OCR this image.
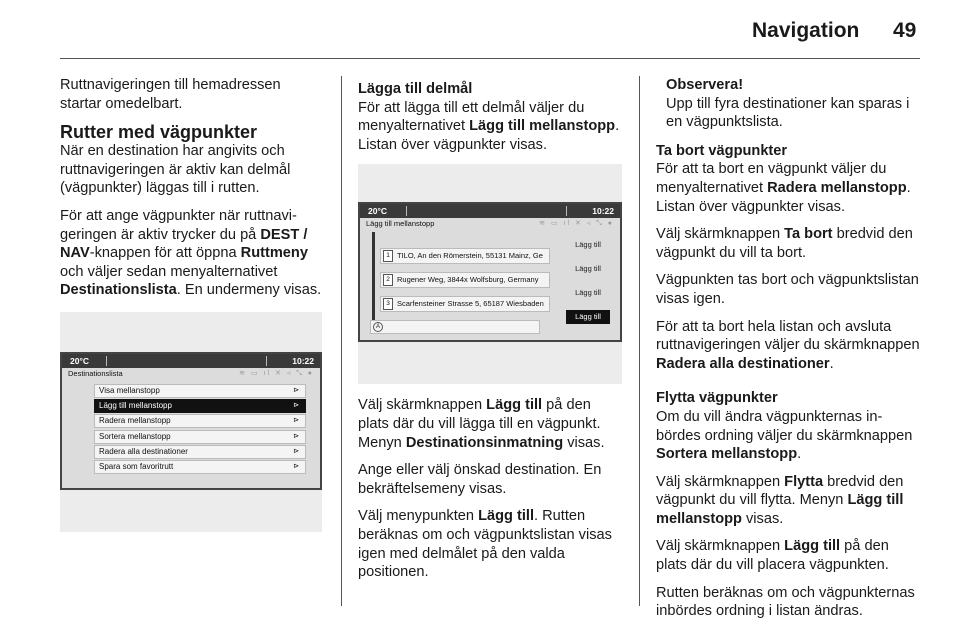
Navigation 49

Ruttnavigeringen till hemadressen startar omedelbart.

Rutter med vägpunkter

När en destination har angivits och ruttnavigeringen är aktiv kan delmål (vägpunkter) läggas till i rutten.

För att ange vägpunkter när ruttnavigeringen är aktiv trycker du på DEST / NAV-knappen för att öppna Ruttmeny och väljer sedan menyalternativet Destinationslista. En undermeny visas.

20°C	10:22
Destinationslista	≋ ▭ ıl ✕ ◃ ⤡ ●
Visa mellanstopp	⊳
Lägg till mellanstopp	⊳
Radera mellanstopp	⊳
Sortera mellanstopp	⊳
Radera alla destinationer	⊳
Spara som favoritrutt	⊳
Lägga till delmål

För att lägga till ett delmål väljer du menyalternativet Lägg till mellanstopp. Listan över vägpunkter visas.

20°C	10:22
Lägg till mellanstopp	≋ ▭ ıl ✕ ◃ ⤡ ●
Lägg till
1 TILO, An den Römerstein, 55131 Mainz, Ge
Lägg till
2 Rugener Weg, 3844x Wolfsburg, Germany
Lägg till
3 Scarfensteiner Strasse 5, 65187 Wiesbaden
Lägg till
A

Välj skärmknappen Lägg till på den plats där du vill lägga till en vägpunkt. Menyn Destinationsinmatning visas.

Ange eller välj önskad destination. En bekräftelsemeny visas.

Välj menypunkten Lägg till. Rutten beräknas om och vägpunktslistan visas igen med delmålet på den valda positionen.

Observera!
Upp till fyra destinationer kan sparas i en vägpunktslista.
Ta bort vägpunkter

För att ta bort en vägpunkt väljer du menyalternativet Radera mellanstopp. Listan över vägpunkter visas.

Välj skärmknappen Ta bort bredvid den vägpunkt du vill ta bort.

Vägpunkten tas bort och vägpunktslistan visas igen.

För att ta bort hela listan och avsluta ruttnavigeringen väljer du skärmknappen Radera alla destinationer.

Flytta vägpunkter

Om du vill ändra vägpunkternas inbördes ordning väljer du skärmknappen Sortera mellanstopp.

Välj skärmknappen Flytta bredvid den vägpunkt du vill flytta. Menyn Lägg till mellanstopp visas.

Välj skärmknappen Lägg till på den plats där du vill placera vägpunkten.

Rutten beräknas om och vägpunkternas inbördes ordning i listan ändras.
